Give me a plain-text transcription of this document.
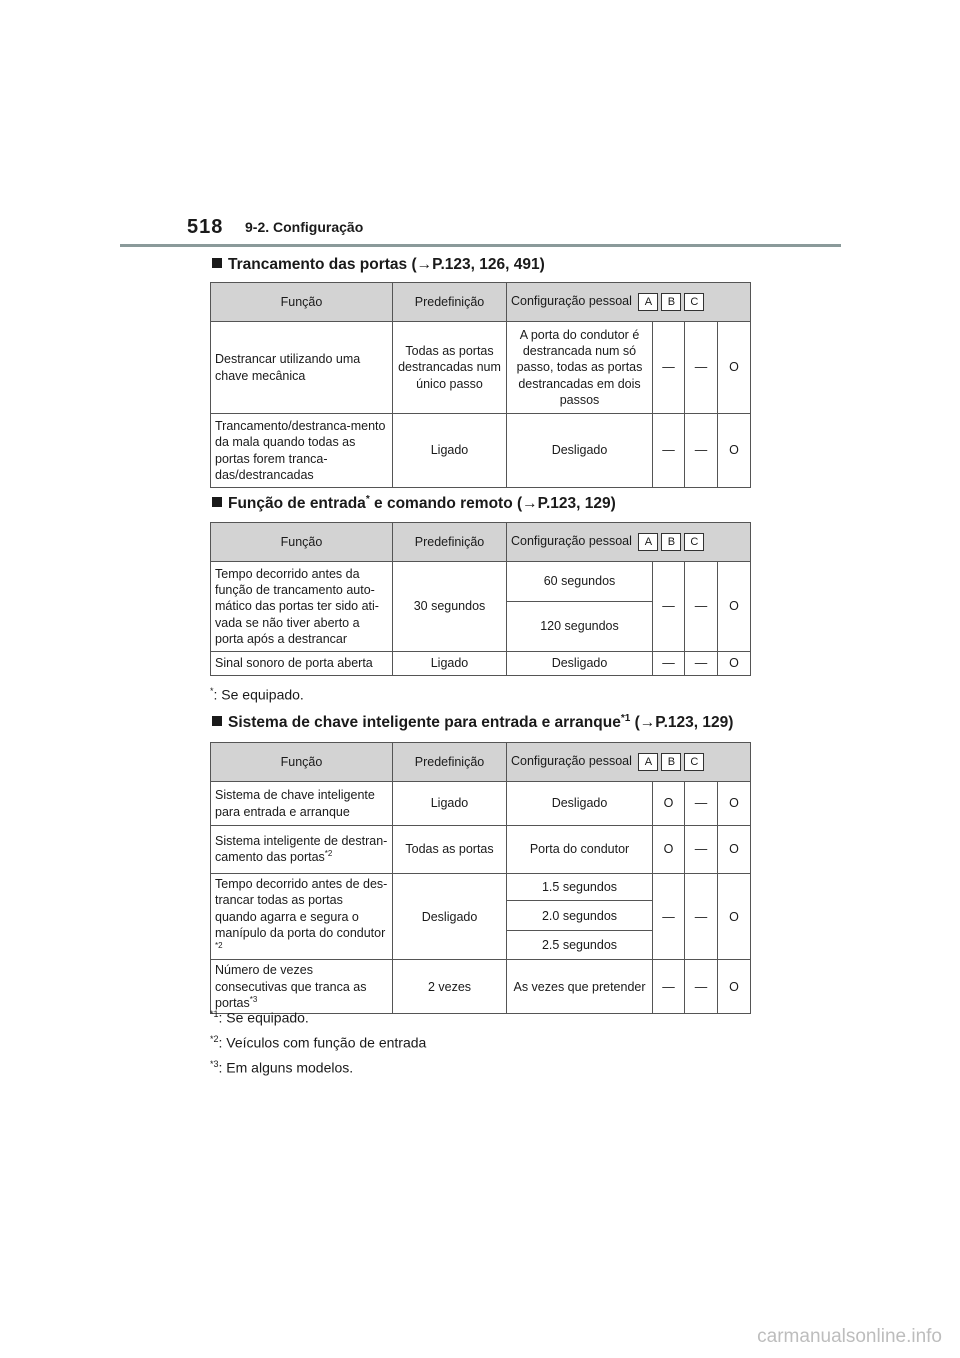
518 9-2. Configuração
Trancamento das portas (→P.123, 126, 491)
Função	Predefinição	Configuração pessoal A B C			
Destrancar utilizando uma chave mecânica	Todas as portas destrancadas num único passo	A porta do condutor é destrancada num só passo, todas as portas destrancadas em dois passos	—	—	O
Trancamento/destranca-mento da mala quando todas as portas forem tranca-das/destrancadas	Ligado	Desligado	—	—	O
Função de entrada* e comando remoto (→P.123, 129)
Função	Predefinição	Configuração pessoal A B C			
Tempo decorrido antes da função de trancamento auto-mático das portas ter sido ati-vada se não tiver aberto a porta após a destrancar	30 segundos	60 segundos	—	—	O
		120 segundos			
Sinal sonoro de porta aberta	Ligado	Desligado	—	—	O
*: Se equipado.
Sistema de chave inteligente para entrada e arranque$^{*1}$ (→P.123, 129)
Função	Predefinição	Configuração pessoal A B C			
Sistema de chave inteligente para entrada e arranque	Ligado	Desligado	O	—	O
Sistema inteligente de destran-camento das portas$^{*2}$	Todas as portas	Porta do condutor	O	—	O
Tempo decorrido antes de des-trancar todas as portas quando agarra e segura o manípulo da porta do condutor $^{*2}$	Desligado	1.5 segundos	—	—	O
		2.0 segundos			
		2.5 segundos			
Número de vezes consecutivas que tranca as portas$^{*3}$	2 vezes	As vezes que pretender	—	—	O
$^{*1}$: Se equipado.
$^{*2}$: Veículos com função de entrada
$^{*3}$: Em alguns modelos.
carmanualsonline.info
